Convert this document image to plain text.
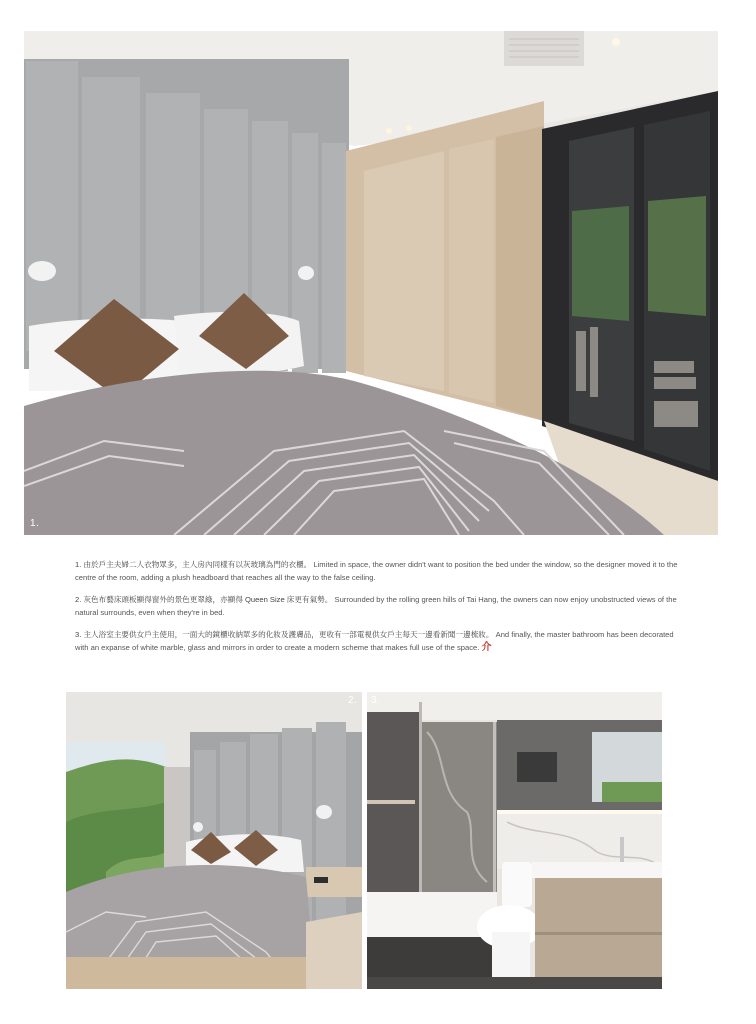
1.

1. 由於戶主夫婦二人衣物眾多，主人房內同樣有以灰玻璃為門的衣櫃。 Limited in space, the owner didn't want to position the bed under the window, so the designer moved it to the centre of the room, adding a plush headboard that reaches all the way to the false ceiling.

2. 灰色布藝床頭板顯得窗外的景色更翠綠，亦顯得 Queen Size 床更有氣勢。 Surrounded by the rolling green hills of Tai Hang, the owners can now enjoy unobstructed views of the natural surrounds, even when they're in bed.

3. 主人浴室主要供女戶主使用，一面大的鏡櫃收納眾多的化妝及護膚品，更收有一部電視供女戶主每天一邊看新聞一邊梳妝。 And finally, the master bathroom has been decorated with an expanse of white marble, glass and mirrors in order to create a modern scheme that makes full use of the space. 介

2. 3.
